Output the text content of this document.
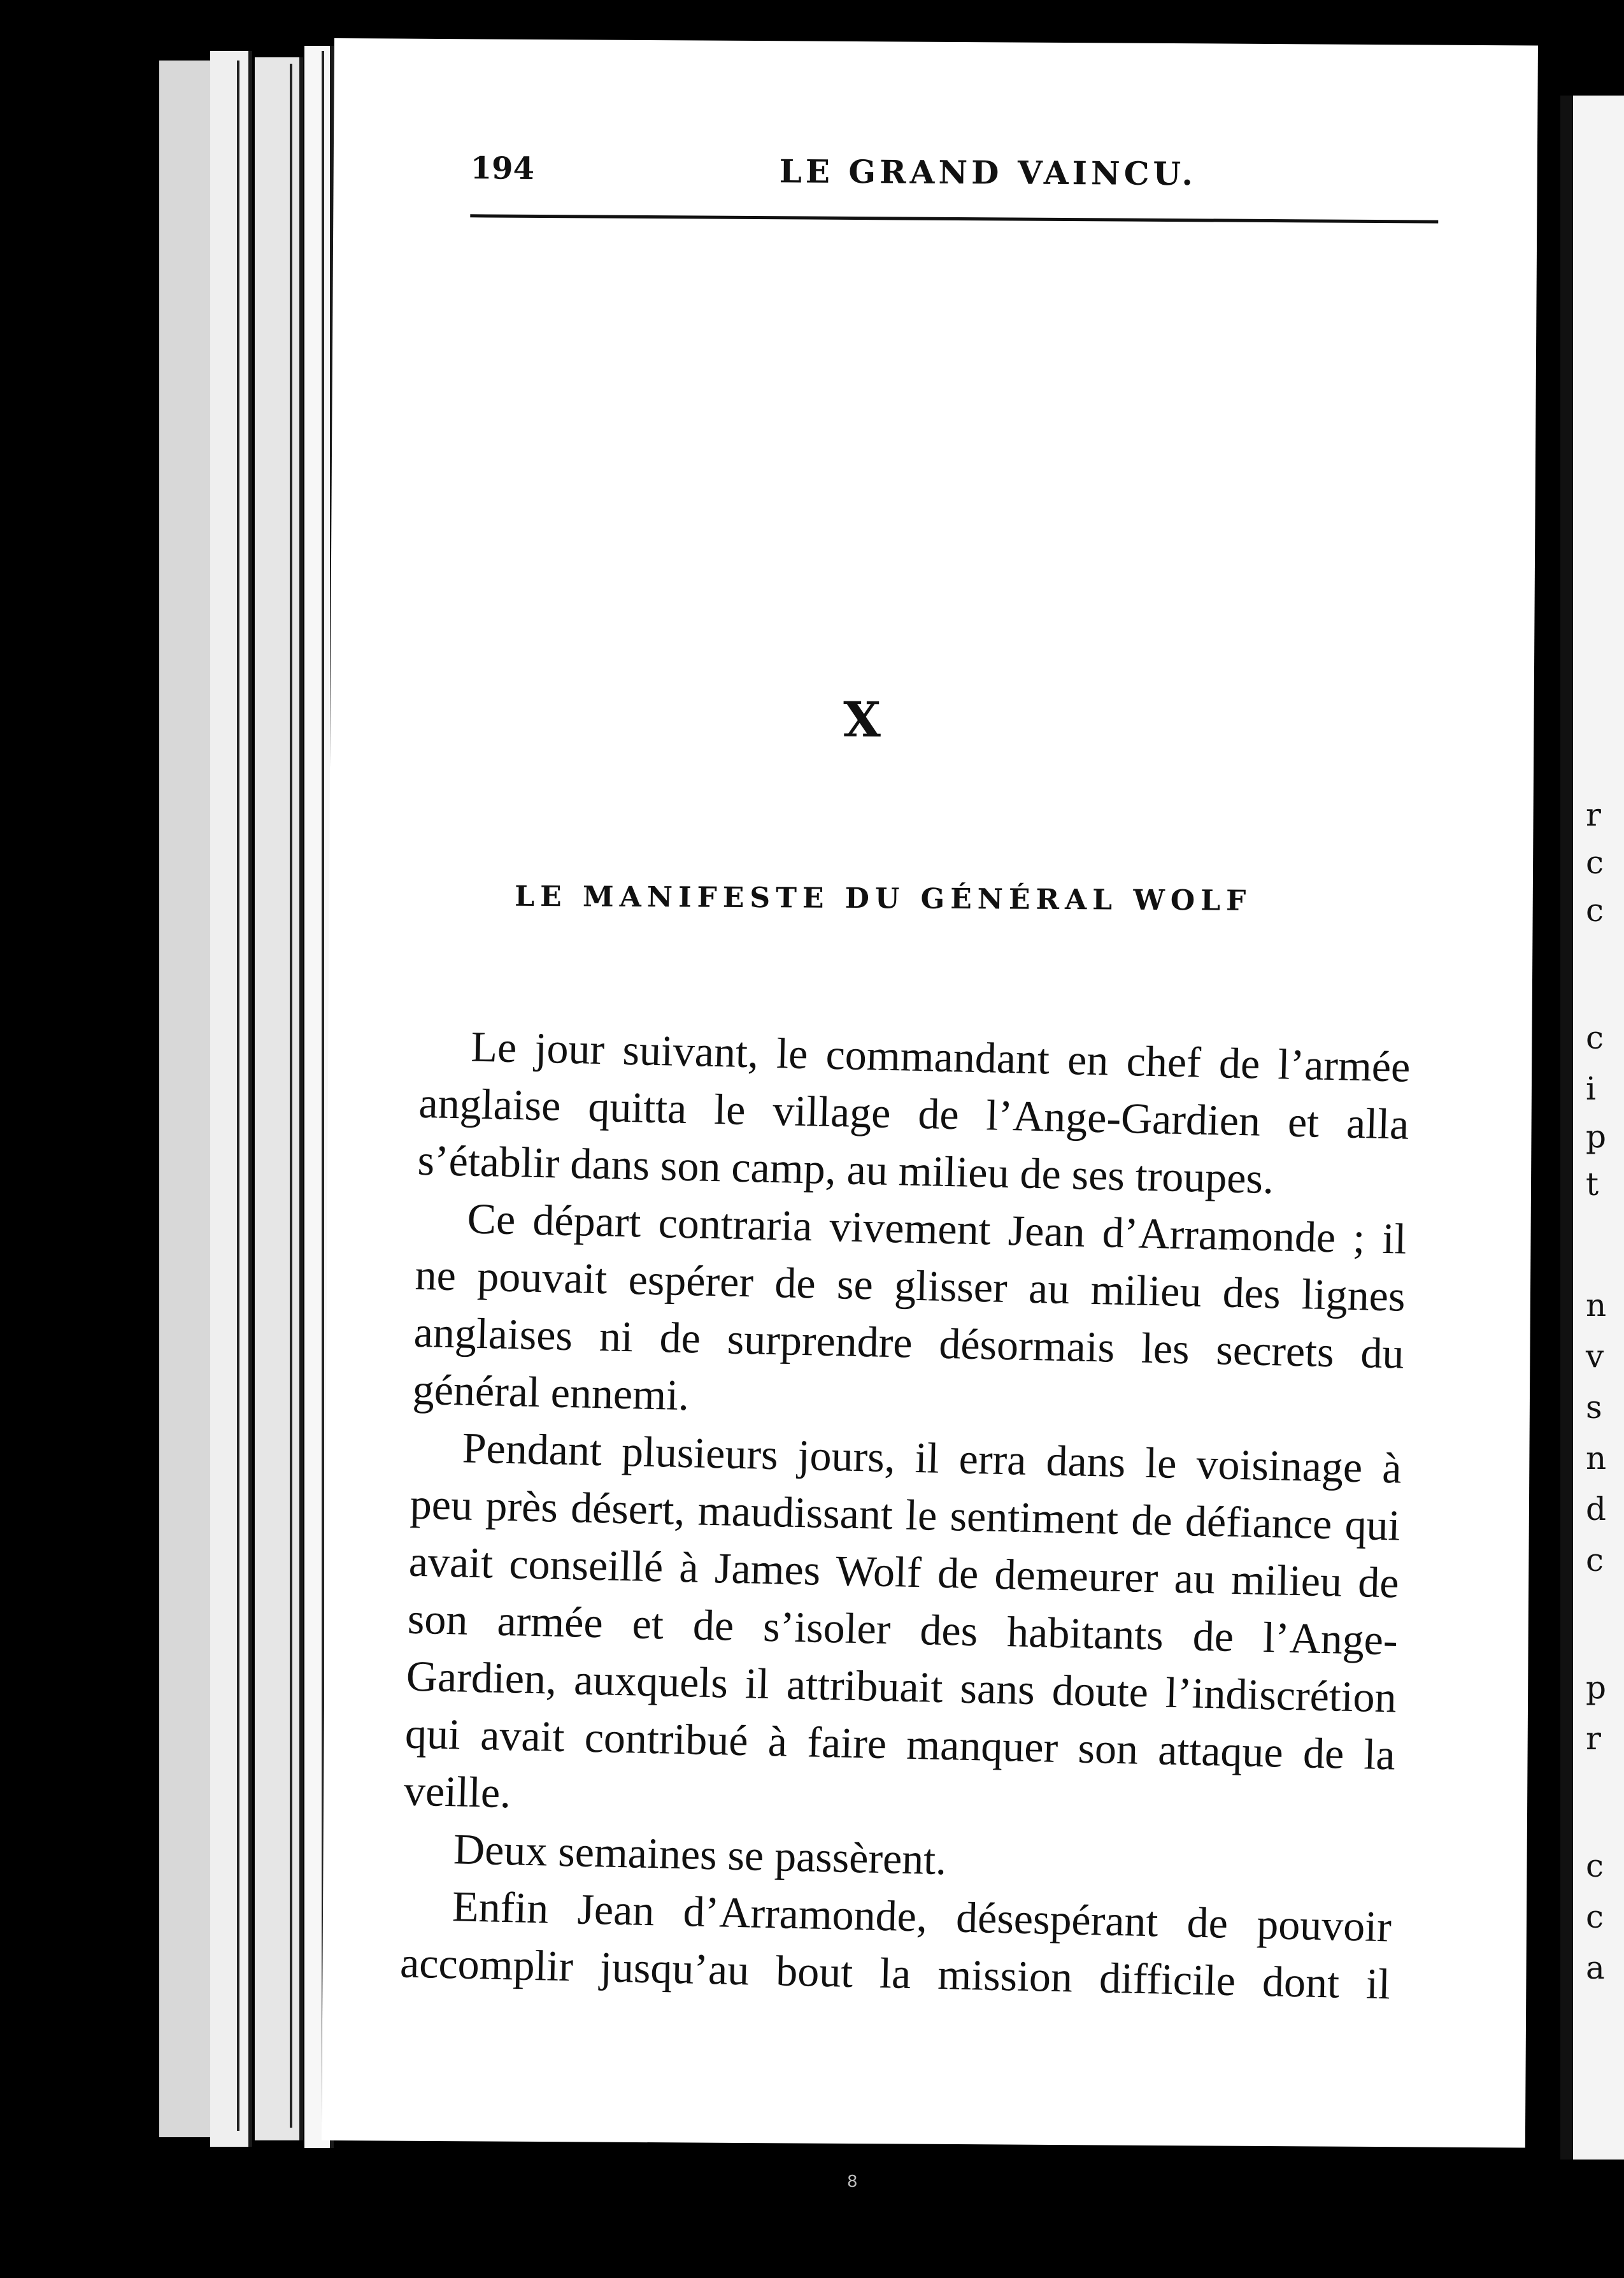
r
c
c
c
i
p
t
n
v
s
n
d
c
p
r
c
c
a
194	LE GRAND VAINCU.
X
LE MANIFESTE DU GÉNÉRAL WOLF

Le jour suivant, le commandant en chef de l’armée anglaise quitta le village de l’Ange-Gardien et alla s’établir dans son camp, au milieu de ses troupes.

Ce départ contraria vivement Jean d’Arramonde ; il ne pouvait espérer de se glisser au milieu des lignes anglaises ni de surprendre désormais les secrets du général ennemi.

Pendant plusieurs jours, il erra dans le voisinage à peu près désert, maudissant le sentiment de défiance qui avait conseillé à James Wolf de demeurer au milieu de son armée et de s’isoler des habitants de l’Ange-Gardien, auxquels il attribuait sans doute l’indiscrétion qui avait contribué à faire manquer son attaque de la veille.

Deux semaines se passèrent.

Enfin Jean d’Arramonde, désespérant de pouvoir accomplir jusqu’au bout la mission difficile dont il

8
